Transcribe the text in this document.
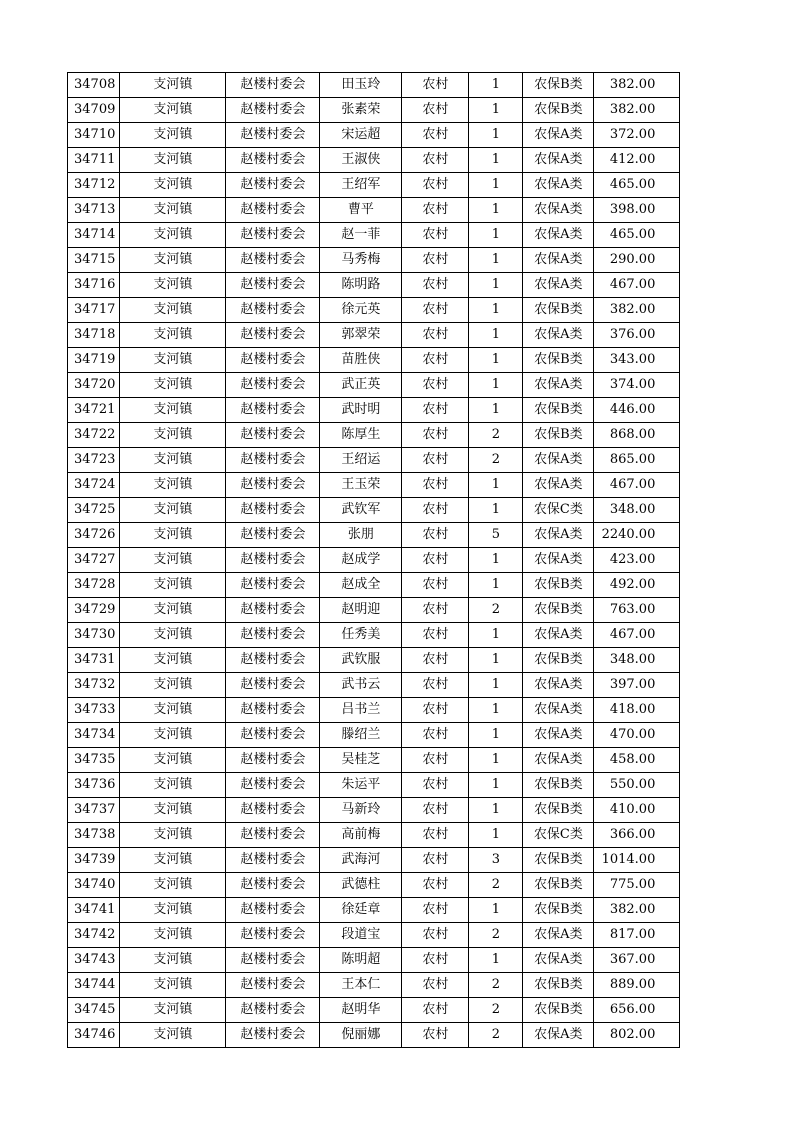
34708	支河镇	赵楼村委会	田玉玲	农村	1	农保B类	382.00
34709	支河镇	赵楼村委会	张素荣	农村	1	农保B类	382.00
34710	支河镇	赵楼村委会	宋运超	农村	1	农保A类	372.00
34711	支河镇	赵楼村委会	王淑侠	农村	1	农保A类	412.00
34712	支河镇	赵楼村委会	王绍军	农村	1	农保A类	465.00
34713	支河镇	赵楼村委会	曹平	农村	1	农保A类	398.00
34714	支河镇	赵楼村委会	赵一菲	农村	1	农保A类	465.00
34715	支河镇	赵楼村委会	马秀梅	农村	1	农保A类	290.00
34716	支河镇	赵楼村委会	陈明路	农村	1	农保A类	467.00
34717	支河镇	赵楼村委会	徐元英	农村	1	农保B类	382.00
34718	支河镇	赵楼村委会	郭翠荣	农村	1	农保A类	376.00
34719	支河镇	赵楼村委会	苗胜侠	农村	1	农保B类	343.00
34720	支河镇	赵楼村委会	武正英	农村	1	农保A类	374.00
34721	支河镇	赵楼村委会	武时明	农村	1	农保B类	446.00
34722	支河镇	赵楼村委会	陈厚生	农村	2	农保B类	868.00
34723	支河镇	赵楼村委会	王绍运	农村	2	农保A类	865.00
34724	支河镇	赵楼村委会	王玉荣	农村	1	农保A类	467.00
34725	支河镇	赵楼村委会	武钦军	农村	1	农保C类	348.00
34726	支河镇	赵楼村委会	张朋	农村	5	农保A类	2240.00
34727	支河镇	赵楼村委会	赵成学	农村	1	农保A类	423.00
34728	支河镇	赵楼村委会	赵成全	农村	1	农保B类	492.00
34729	支河镇	赵楼村委会	赵明迎	农村	2	农保B类	763.00
34730	支河镇	赵楼村委会	任秀美	农村	1	农保A类	467.00
34731	支河镇	赵楼村委会	武钦服	农村	1	农保B类	348.00
34732	支河镇	赵楼村委会	武书云	农村	1	农保A类	397.00
34733	支河镇	赵楼村委会	吕书兰	农村	1	农保A类	418.00
34734	支河镇	赵楼村委会	滕绍兰	农村	1	农保A类	470.00
34735	支河镇	赵楼村委会	吴桂芝	农村	1	农保A类	458.00
34736	支河镇	赵楼村委会	朱运平	农村	1	农保B类	550.00
34737	支河镇	赵楼村委会	马新玲	农村	1	农保B类	410.00
34738	支河镇	赵楼村委会	高前梅	农村	1	农保C类	366.00
34739	支河镇	赵楼村委会	武海河	农村	3	农保B类	1014.00
34740	支河镇	赵楼村委会	武德柱	农村	2	农保B类	775.00
34741	支河镇	赵楼村委会	徐廷章	农村	1	农保B类	382.00
34742	支河镇	赵楼村委会	段道宝	农村	2	农保A类	817.00
34743	支河镇	赵楼村委会	陈明超	农村	1	农保A类	367.00
34744	支河镇	赵楼村委会	王本仁	农村	2	农保B类	889.00
34745	支河镇	赵楼村委会	赵明华	农村	2	农保B类	656.00
34746	支河镇	赵楼村委会	倪丽娜	农村	2	农保A类	802.00
